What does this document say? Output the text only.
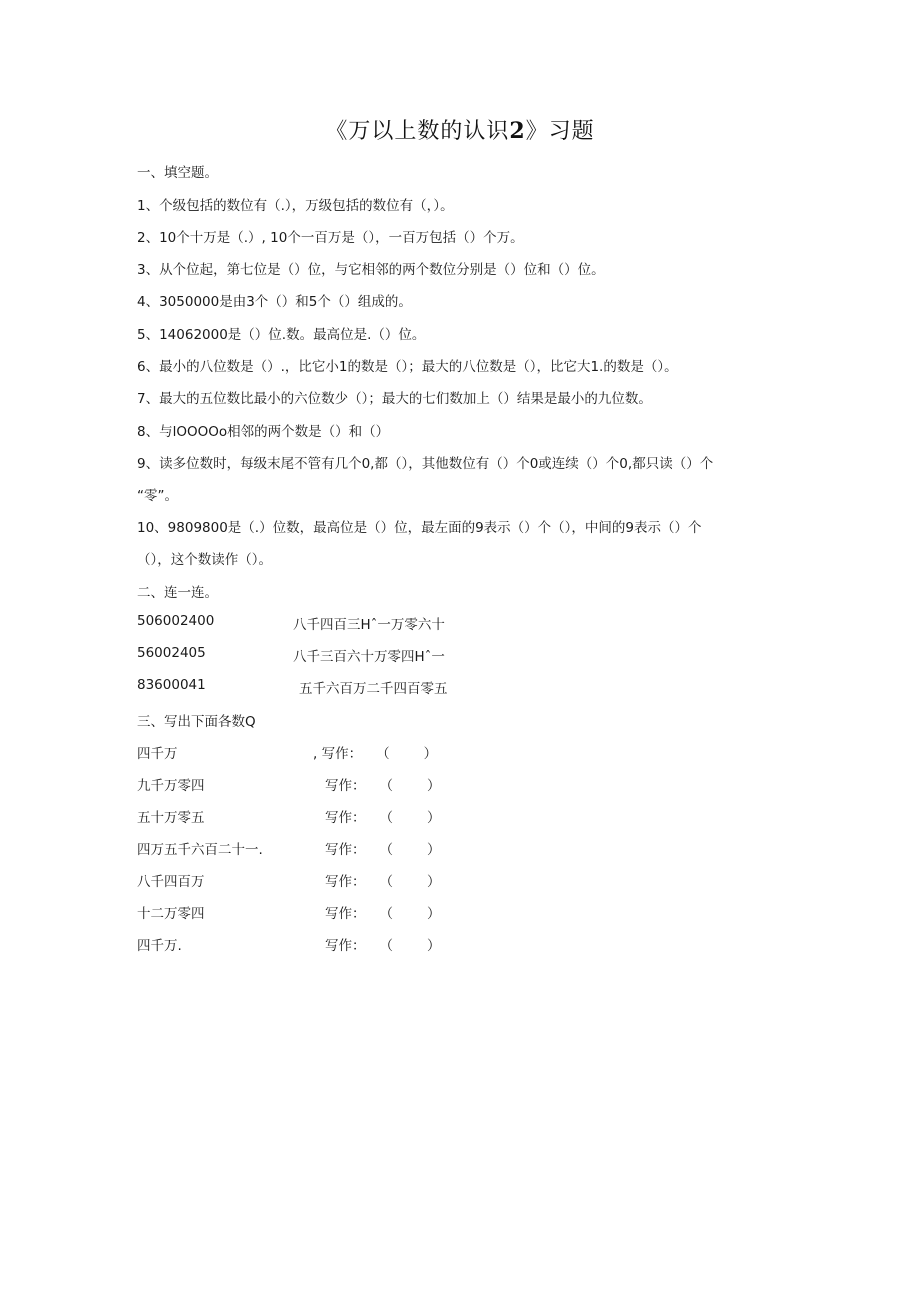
《万以上数的认识2》习题
一、填空题。
1、个级包括的数位有（.），万级包括的数位有（，）。
2、10个十万是（.）, 10个一百万是（），一百万包括（）个万。
3、从个位起，第七位是（）位，与它相邻的两个数位分别是（）位和（）位。
4、3050000是由3个（）和5个（）组成的。
5、14062000是（）位.数。最高位是.（）位。
6、最小的八位数是（）.，比它小1的数是（）；最大的八位数是（），比它大1.的数是（）。
7、最大的五位数比最小的六位数少（）；最大的七们数加上（）结果是最小的九位数。
8、与lOOOOo相邻的两个数是（）和（）
9、读多位数时，每级末尾不管有几个0,都（），其他数位有（）个0或连续（）个0,都只读（）个
“零”。
10、9809800是（.）位数，最高位是（）位，最左面的9表示（）个（），中间的9表示（）个
（），这个数读作（）。
二、连一连。
506002400	八千四百三Hˆ一万零六十
56002405	八千三百六十万零四Hˆ一
83600041	五千六百万二千四百零五
三、写出下面各数Q
四千万	, 写作： （	）
九千万零四	写作： （	）
五十万零五	写作： （	）
四万五千六百二十一.	写作： （	）
八千四百万	写作： （	）
十二万零四	写作： （	）
四千万.	写作： （	）
